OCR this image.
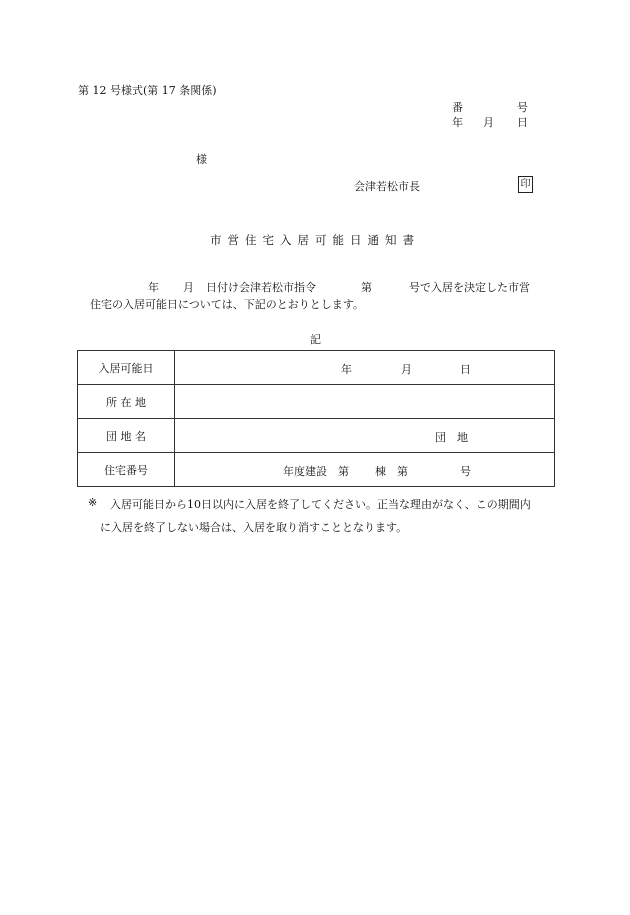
第 12 号様式(第 17 条関係)
番	号
年 月 日
様
会津若松市長	印
市営住宅入居可能日通知書
年 月 日付け会津若松市指令	第	号で入居を決定した市営
住宅の入居可能日については、下記のとおりとします。
記
入居可能日	年 月 日

所 在 地	
団 地 名	団　地

住宅番号	年度建設　第 棟　第 号
※ 入居可能日から10日以内に入居を終了してください。正当な理由がなく、この期間内
に入居を終了しない場合は、入居を取り消すこととなります。
